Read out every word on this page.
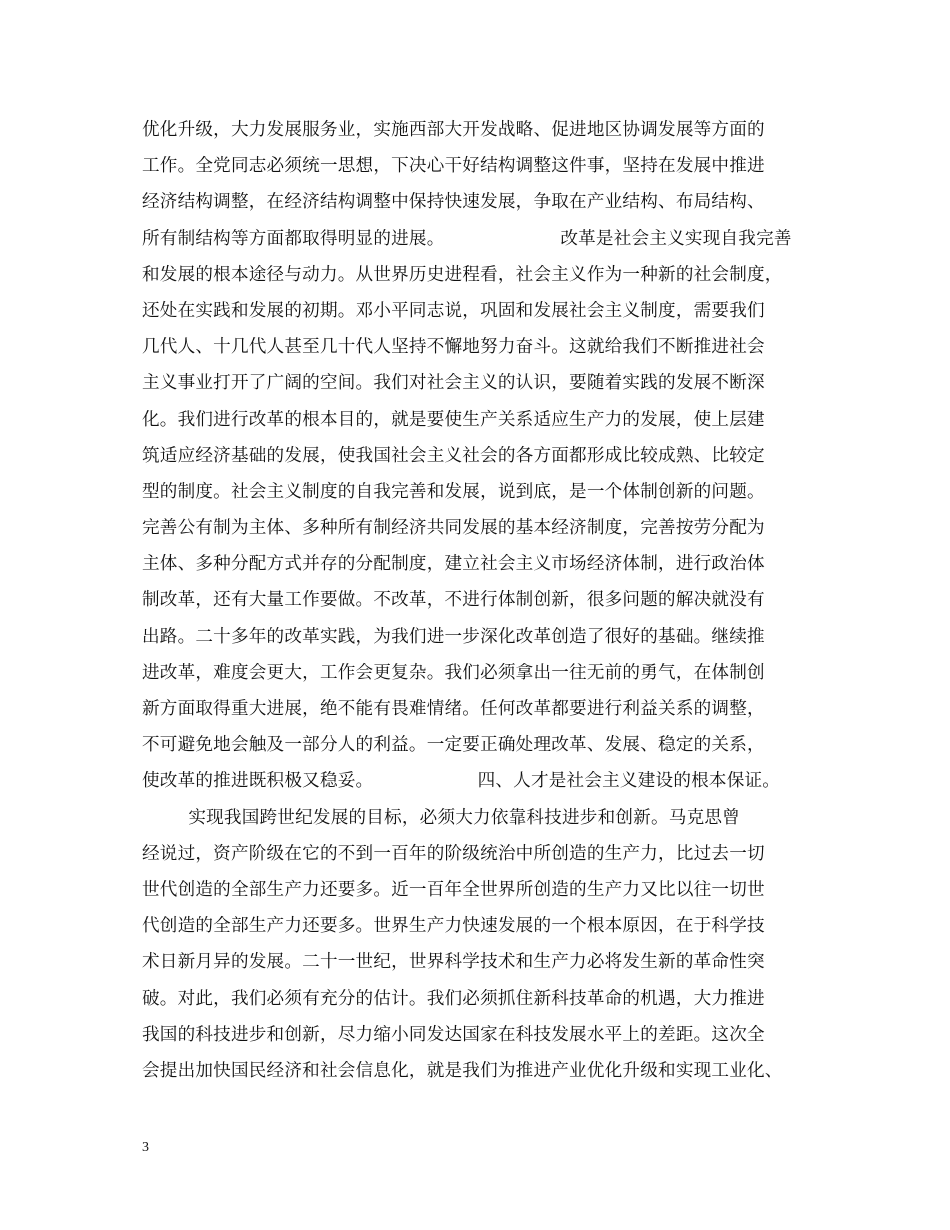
优化升级，大力发展服务业，实施西部大开发战略、促进地区协调发展等方面的
工作。全党同志必须统一思想，下决心干好结构调整这件事，坚持在发展中推进
经济结构调整，在经济结构调整中保持快速发展，争取在产业结构、布局结构、
所有制结构等方面都取得明显的进展。                    改革是社会主义实现自我完善
和发展的根本途径与动力。从世界历史进程看，社会主义作为一种新的社会制度，
还处在实践和发展的初期。邓小平同志说，巩固和发展社会主义制度，需要我们
几代人、十几代人甚至几十代人坚持不懈地努力奋斗。这就给我们不断推进社会
主义事业打开了广阔的空间。我们对社会主义的认识，要随着实践的发展不断深
化。我们进行改革的根本目的，就是要使生产关系适应生产力的发展，使上层建
筑适应经济基础的发展，使我国社会主义社会的各方面都形成比较成熟、比较定
型的制度。社会主义制度的自我完善和发展，说到底，是一个体制创新的问题。
完善公有制为主体、多种所有制经济共同发展的基本经济制度，完善按劳分配为
主体、多种分配方式并存的分配制度，建立社会主义市场经济体制，进行政治体
制改革，还有大量工作要做。不改革，不进行体制创新，很多问题的解决就没有
出路。二十多年的改革实践，为我们进一步深化改革创造了很好的基础。继续推
进改革，难度会更大，工作会更复杂。我们必须拿出一往无前的勇气，在体制创
新方面取得重大进展，绝不能有畏难情绪。任何改革都要进行利益关系的调整，
不可避免地会触及一部分人的利益。一定要正确处理改革、发展、稳定的关系，
使改革的推进既积极又稳妥。                  四、人才是社会主义建设的根本保证。
实现我国跨世纪发展的目标，必须大力依靠科技进步和创新。马克思曾
经说过，资产阶级在它的不到一百年的阶级统治中所创造的生产力，比过去一切
世代创造的全部生产力还要多。近一百年全世界所创造的生产力又比以往一切世
代创造的全部生产力还要多。世界生产力快速发展的一个根本原因，在于科学技
术日新月异的发展。二十一世纪，世界科学技术和生产力必将发生新的革命性突
破。对此，我们必须有充分的估计。我们必须抓住新科技革命的机遇，大力推进
我国的科技进步和创新，尽力缩小同发达国家在科技发展水平上的差距。这次全
会提出加快国民经济和社会信息化，就是我们为推进产业优化升级和实现工业化、
3
